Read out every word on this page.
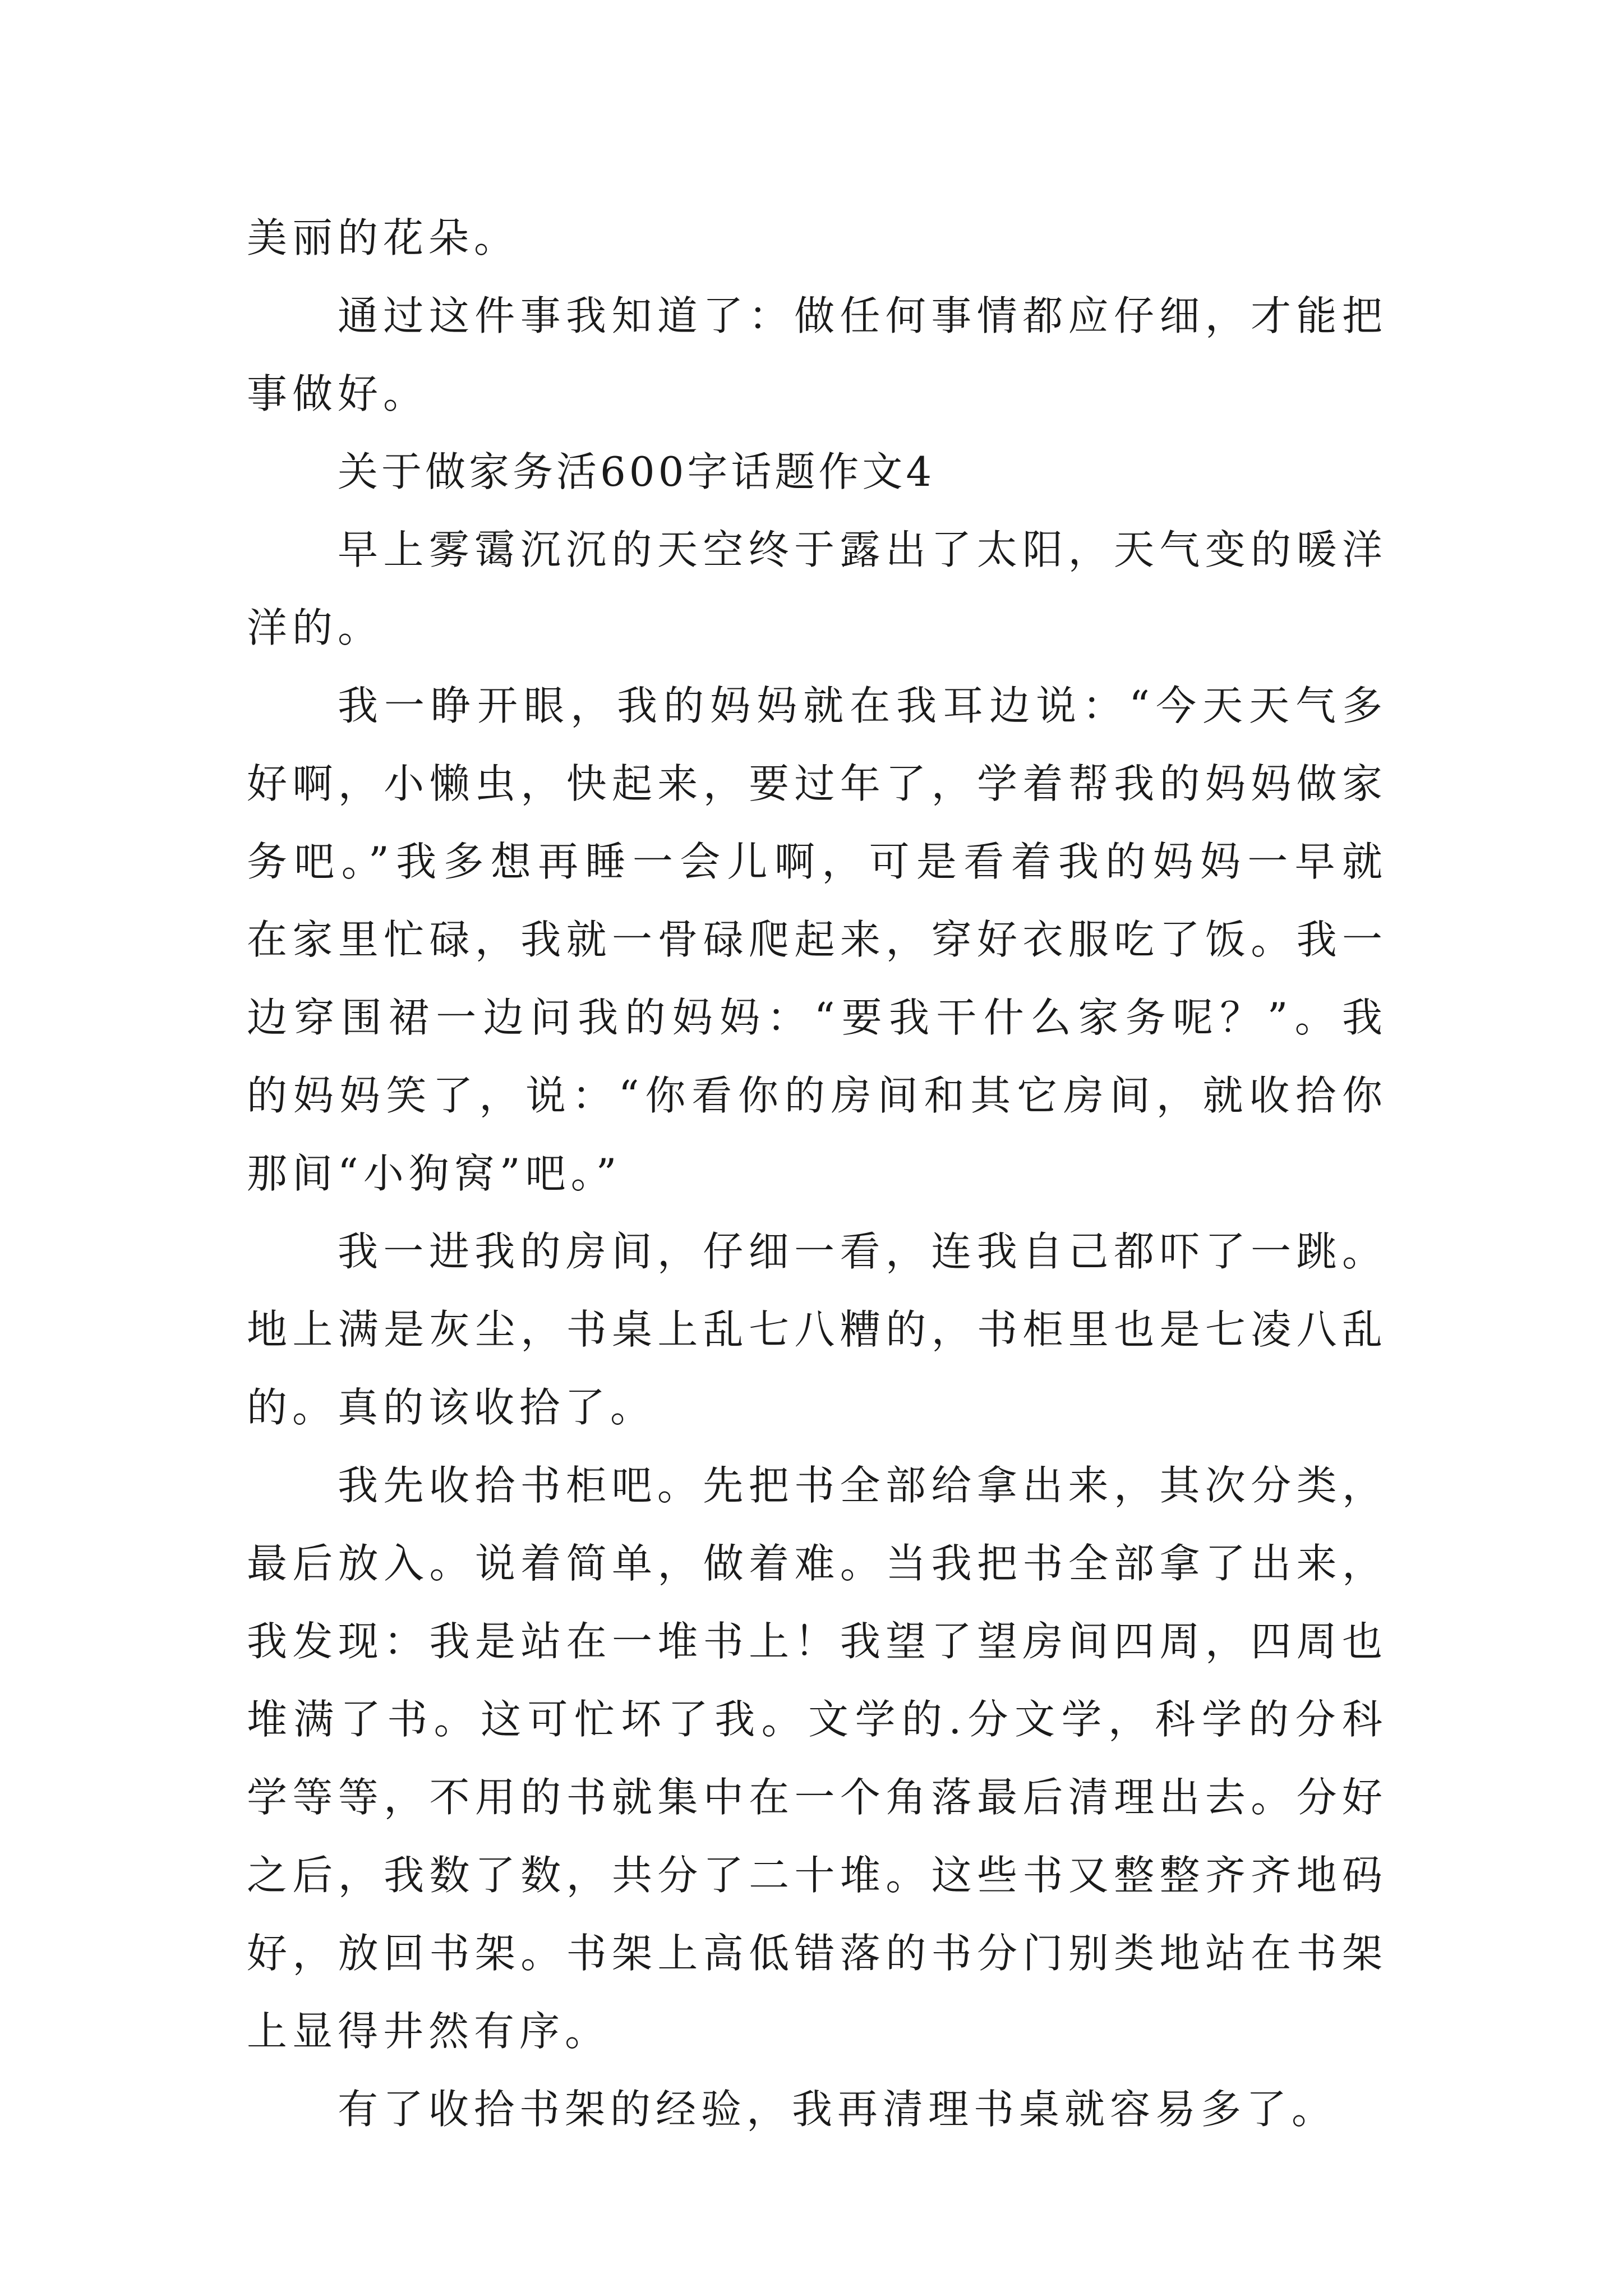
美丽的花朵。

通过这件事我知道了：做任何事情都应仔细，才能把事做好。

关于做家务活600字话题作文4

早上雾霭沉沉的天空终于露出了太阳，天气变的暖洋洋的。

我一睁开眼，我的妈妈就在我耳边说：“今天天气多好啊，小懒虫，快起来，要过年了，学着帮我的妈妈做家务吧。”我多想再睡一会儿啊，可是看着我的妈妈一早就在家里忙碌，我就一骨碌爬起来，穿好衣服吃了饭。我一边穿围裙一边问我的妈妈：“要我干什么家务呢？”。我的妈妈笑了，说：“你看你的房间和其它房间，就收拾你那间“小狗窝”吧。”

我一进我的房间，仔细一看，连我自己都吓了一跳。地上满是灰尘，书桌上乱七八糟的，书柜里也是七凌八乱的。真的该收拾了。

我先收拾书柜吧。先把书全部给拿出来，其次分类，最后放入。说着简单，做着难。当我把书全部拿了出来，我发现：我是站在一堆书上！我望了望房间四周，四周也堆满了书。这可忙坏了我。文学的.分文学，科学的分科学等等，不用的书就集中在一个角落最后清理出去。分好之后，我数了数，共分了二十堆。这些书又整整齐齐地码好，放回书架。书架上高低错落的书分门别类地站在书架上显得井然有序。

有了收拾书架的经验，我再清理书桌就容易多了。
